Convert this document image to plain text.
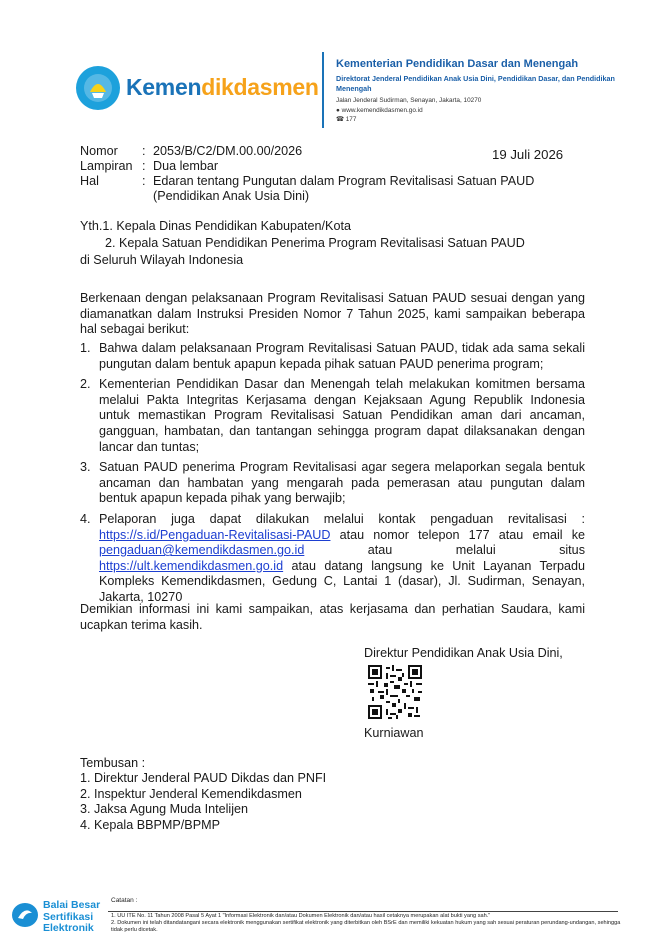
Kemendikdasmen
Kementerian Pendidikan Dasar dan Menengah
Direktorat Jenderal Pendidikan Anak Usia Dini, Pendidikan Dasar, dan Pendidikan Menengah
Jalan Jenderal Sudirman, Senayan, Jakarta, 10270
● www.kemendikdasmen.go.id
☎ 177
Nomor : 2053/B/C2/DM.00.00/2026
Lampiran : Dua lembar
Hal	: Edaran tentang Pungutan dalam Program Revitalisasi Satuan PAUD
(Pendidikan Anak Usia Dini)
19 Juli 2026
Yth.1. Kepala Dinas Pendidikan Kabupaten/Kota
2. Kepala Satuan Pendidikan Penerima Program Revitalisasi Satuan PAUD
di Seluruh Wilayah Indonesia
Berkenaan dengan pelaksanaan Program Revitalisasi Satuan PAUD sesuai dengan yang diamanatkan dalam Instruksi Presiden Nomor 7 Tahun 2025, kami sampaikan beberapa hal sebagai berikut:
1. Bahwa dalam pelaksanaan Program Revitalisasi Satuan PAUD, tidak ada sama sekali pungutan dalam bentuk apapun kepada pihak satuan PAUD penerima program;
2. Kementerian Pendidikan Dasar dan Menengah telah melakukan komitmen bersama melalui Pakta Integritas Kerjasama dengan Kejaksaan Agung Republik Indonesia untuk memastikan Program Revitalisasi Satuan Pendidikan aman dari ancaman, gangguan, hambatan, dan tantangan sehingga program dapat dilaksanakan dengan lancar dan tuntas;
3. Satuan PAUD penerima Program Revitalisasi agar segera melaporkan segala bentuk ancaman dan hambatan yang mengarah pada pemerasan atau pungutan dalam bentuk apapun kepada pihak yang berwajib;
4. Pelaporan juga dapat dilakukan melalui kontak pengaduan revitalisasi : https://s.id/Pengaduan-Revitalisasi-PAUD atau nomor telepon 177 atau email ke pengaduan@kemendikdasmen.go.id atau melalui situs https://ult.kemendikdasmen.go.id atau datang langsung ke Unit Layanan Terpadu Kompleks Kemendikdasmen, Gedung C, Lantai 1 (dasar), Jl. Sudirman, Senayan, Jakarta, 10270
Demikian informasi ini kami sampaikan, atas kerjasama dan perhatian Saudara, kami ucapkan terima kasih.
Direktur Pendidikan Anak Usia Dini,
Kurniawan
Tembusan :
1. Direktur Jenderal PAUD Dikdas dan PNFI
2. Inspektur Jenderal Kemendikdasmen
3. Jaksa Agung Muda Intelijen
4. Kepala BBPMP/BPMP
Balai Besar
Sertifikasi
Elektronik
Catatan :
1. UU ITE No. 11 Tahun 2008 Pasal 5 Ayat 1 "Informasi Elektronik dan/atau Dokumen Elektronik dan/atau hasil cetaknya merupakan alat bukti yang sah."
2. Dokumen ini telah ditandatangani secara elektronik menggunakan sertifikat elektronik yang diterbitkan oleh BSrE dan memiliki kekuatan hukum yang sah sesuai peraturan perundang-undangan, sehingga tidak perlu dicetak.
